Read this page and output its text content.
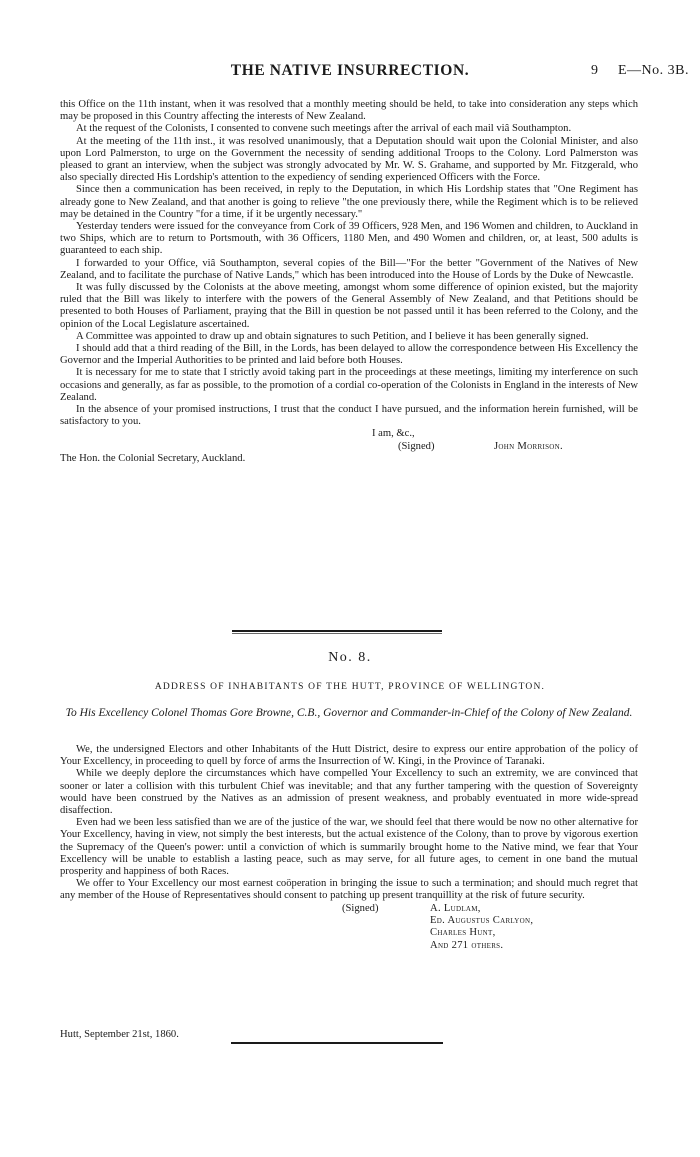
THE NATIVE INSURRECTION.	9 E—No. 3B.

this Office on the 11th instant, when it was resolved that a monthly meeting should be held, to take into consideration any steps which may be proposed in this Country affecting the interests of New Zealand.

At the request of the Colonists, I consented to convene such meetings after the arrival of each mail viâ Southampton.

At the meeting of the 11th inst., it was resolved unanimously, that a Deputation should wait upon the Colonial Minister, and also upon Lord Palmerston, to urge on the Government the necessity of sending additional Troops to the Colony. Lord Palmerston was pleased to grant an interview, when the subject was strongly advocated by Mr. W. S. Grahame, and supported by Mr. Fitzgerald, who also specially directed His Lordship's attention to the expediency of sending experienced Officers with the Force.

Since then a communication has been received, in reply to the Deputation, in which His Lordship states that "One Regiment has already gone to New Zealand, and that another is going to relieve "the one previously there, while the Regiment which is to be relieved may be detained in the Country "for a time, if it be urgently necessary."

Yesterday tenders were issued for the conveyance from Cork of 39 Officers, 928 Men, and 196 Women and children, to Auckland in two Ships, which are to return to Portsmouth, with 36 Officers, 1180 Men, and 490 Women and children, or, at least, 500 adults is guaranteed to each ship.

I forwarded to your Office, viâ Southampton, several copies of the Bill—"For the better "Government of the Natives of New Zealand, and to facilitate the purchase of Native Lands," which has been introduced into the House of Lords by the Duke of Newcastle.

It was fully discussed by the Colonists at the above meeting, amongst whom some difference of opinion existed, but the majority ruled that the Bill was likely to interfere with the powers of the General Assembly of New Zealand, and that Petitions should be presented to both Houses of Parliament, praying that the Bill in question be not passed until it has been referred to the Colony, and the opinion of the Local Legislature ascertained.

A Committee was appointed to draw up and obtain signatures to such Petition, and I believe it has been generally signed.

I should add that a third reading of the Bill, in the Lords, has been delayed to allow the correspondence between His Excellency the Governor and the Imperial Authorities to be printed and laid before both Houses.

It is necessary for me to state that I strictly avoid taking part in the proceedings at these meetings, limiting my interference on such occasions and generally, as far as possible, to the promotion of a cordial co-operation of the Colonists in England in the interests of New Zealand.

In the absence of your promised instructions, I trust that the conduct I have pursued, and the information herein furnished, will be satisfactory to you.

I am, &c.,
(Signed)	John Morrison.

The Hon. the Colonial Secretary, Auckland.

No. 8.
ADDRESS OF INHABITANTS OF THE HUTT, PROVINCE OF WELLINGTON.
To His Excellency Colonel Thomas Gore Browne, C.B., Governor and Commander-in-Chief of the Colony of New Zealand.

We, the undersigned Electors and other Inhabitants of the Hutt District, desire to express our entire approbation of the policy of Your Excellency, in proceeding to quell by force of arms the Insurrection of W. Kingi, in the Province of Taranaki.

While we deeply deplore the circumstances which have compelled Your Excellency to such an extremity, we are convinced that sooner or later a collision with this turbulent Chief was inevitable; and that any further tampering with the question of Sovereignty would have been construed by the Natives as an admission of present weakness, and probably eventuated in more wide-spread disaffection.

Even had we been less satisfied than we are of the justice of the war, we should feel that there would be now no other alternative for Your Excellency, having in view, not simply the best interests, but the actual existence of the Colony, than to prove by vigorous exertion the Supremacy of the Queen's power: until a conviction of which is summarily brought home to the Native mind, we fear that Your Excellency will be unable to establish a lasting peace, such as may serve, for all future ages, to cement in one band the mutual prosperity and happiness of both Races.

We offer to Your Excellency our most earnest coöperation in bringing the issue to such a termination; and should much regret that any member of the House of Representatives should consent to patching up present tranquillity at the risk of future security.

(Signed)	A. Ludlam,
Ed. Augustus Carlyon,
Charles Hunt,
And 271 others.
Hutt, September 21st, 1860.
